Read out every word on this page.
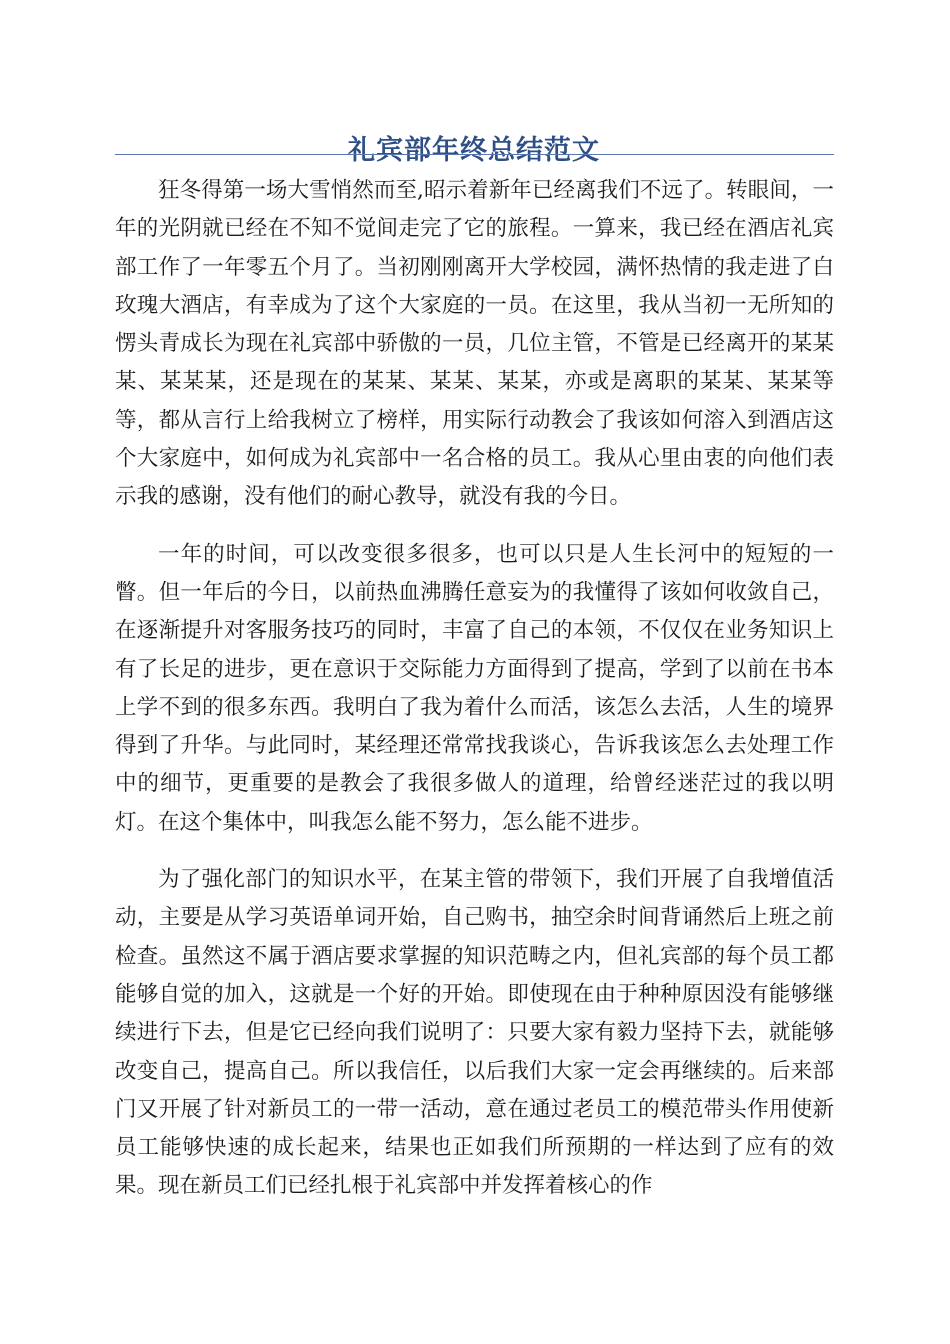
礼宾部年终总结范文

狂冬得第一场大雪悄然而至,昭示着新年已经离我们不远了。转眼间，一年的光阴就已经在不知不觉间走完了它的旅程。一算来，我已经在酒店礼宾部工作了一年零五个月了。当初刚刚离开大学校园，满怀热情的我走进了白玫瑰大酒店，有幸成为了这个大家庭的一员。在这里，我从当初一无所知的愣头青成长为现在礼宾部中骄傲的一员，几位主管，不管是已经离开的某某某、某某某，还是现在的某某、某某、某某，亦或是离职的某某、某某等等，都从言行上给我树立了榜样，用实际行动教会了我该如何溶入到酒店这个大家庭中，如何成为礼宾部中一名合格的员工。我从心里由衷的向他们表示我的感谢，没有他们的耐心教导，就没有我的今日。

一年的时间，可以改变很多很多，也可以只是人生长河中的短短的一瞥。但一年后的今日，以前热血沸腾任意妄为的我懂得了该如何收敛自己，在逐渐提升对客服务技巧的同时，丰富了自己的本领，不仅仅在业务知识上有了长足的进步，更在意识于交际能力方面得到了提高，学到了以前在书本上学不到的很多东西。我明白了我为着什么而活，该怎么去活，人生的境界得到了升华。与此同时，某经理还常常找我谈心，告诉我该怎么去处理工作中的细节，更重要的是教会了我很多做人的道理，给曾经迷茫过的我以明灯。在这个集体中，叫我怎么能不努力，怎么能不进步。

为了强化部门的知识水平，在某主管的带领下，我们开展了自我增值活动，主要是从学习英语单词开始，自己购书，抽空余时间背诵然后上班之前检查。虽然这不属于酒店要求掌握的知识范畴之内，但礼宾部的每个员工都能够自觉的加入，这就是一个好的开始。即使现在由于种种原因没有能够继续进行下去，但是它已经向我们说明了：只要大家有毅力坚持下去，就能够改变自己，提高自己。所以我信任，以后我们大家一定会再继续的。后来部门又开展了针对新员工的一带一活动，意在通过老员工的模范带头作用使新员工能够快速的成长起来，结果也正如我们所预期的一样达到了应有的效果。现在新员工们已经扎根于礼宾部中并发挥着核心的作
